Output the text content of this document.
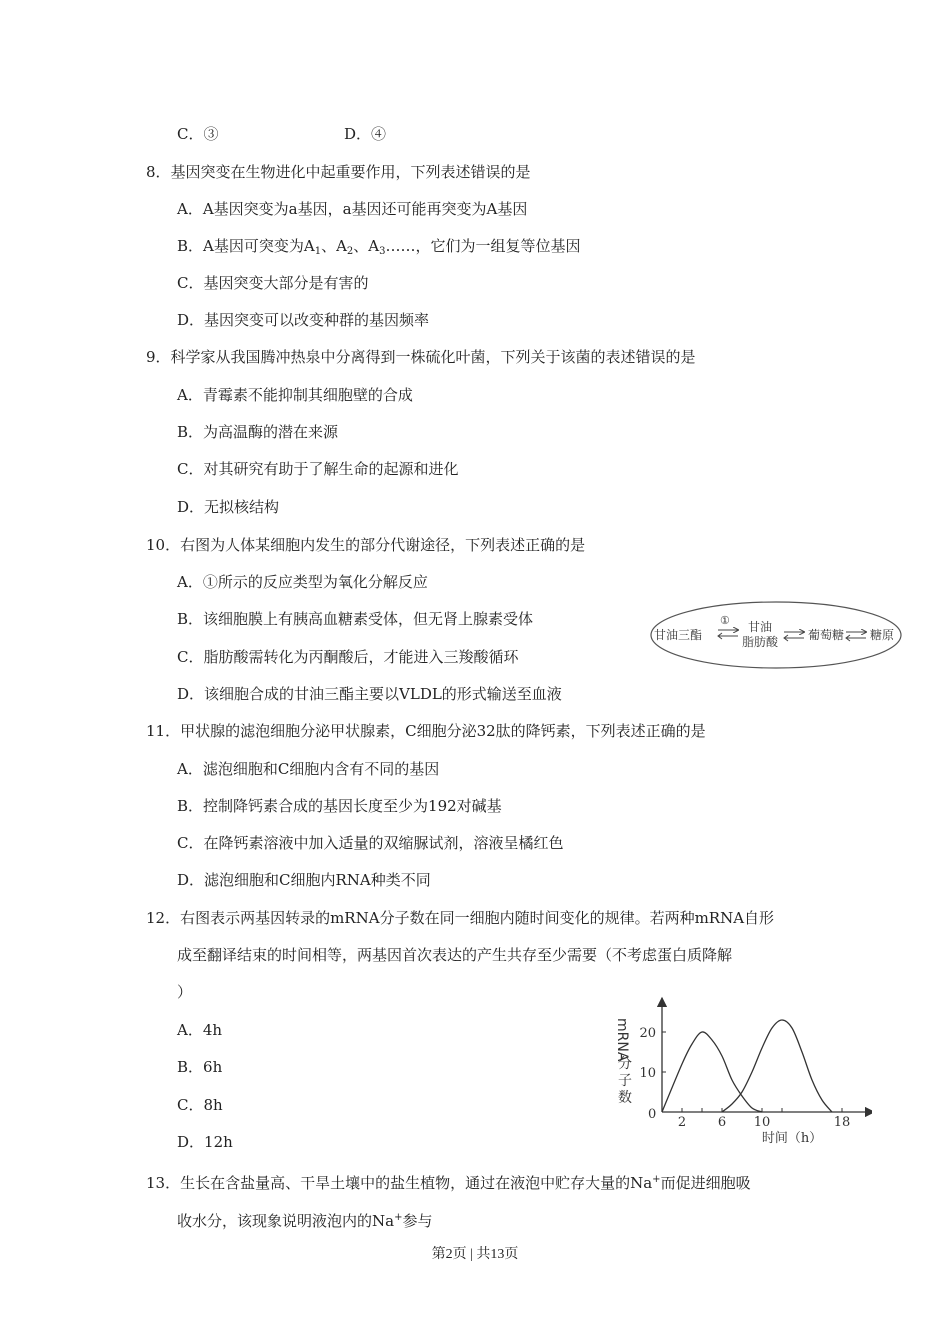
C．③	D．④
8．基因突变在生物进化中起重要作用，下列表述错误的是
A．A基因突变为a基因，a基因还可能再突变为A基因
B．A基因可突变为$A_1$、$A_2$、$A_3\dots\dots$，它们为一组复等位基因
C．基因突变大部分是有害的
D．基因突变可以改变种群的基因频率
9．科学家从我国腾冲热泉中分离得到一株硫化叶菌，下列关于该菌的表述错误的是
A．青霉素不能抑制其细胞壁的合成
B．为高温酶的潜在来源
C．对其研究有助于了解生命的起源和进化
D．无拟核结构
10．右图为人体某细胞内发生的部分代谢途径，下列表述正确的是
A．①所示的反应类型为氧化分解反应
B．该细胞膜上有胰高血糖素受体，但无肾上腺素受体
C．脂肪酸需转化为丙酮酸后，才能进入三羧酸循环
D．该细胞合成的甘油三酯主要以VLDL的形式输送至血液
甘油三酯
① 甘油
脂肪酸 葡萄糖 糖原
11．甲状腺的滤泡细胞分泌甲状腺素，C细胞分泌32肽的降钙素，下列表述正确的是
A．滤泡细胞和C细胞内含有不同的基因
B．控制降钙素合成的基因长度至少为192对碱基
C．在降钙素溶液中加入适量的双缩脲试剂，溶液呈橘红色
D．滤泡细胞和C细胞内RNA种类不同
12．右图表示两基因转录的mRNA分子数在同一细胞内随时间变化的规律。若两种mRNA自形
成至翻译结束的时间相等，两基因首次表达的产生共存至少需要（不考虑蛋白质降解
）
A．4h
B．6h
C．8h
D．12h
mRNA
分
子
数
2 6 10	18
10
20
0
时间（h）
13．生长在含盐量高、干旱土壤中的盐生植物，通过在液泡中贮存大量的Na+而促进细胞吸
收水分，该现象说明液泡内的Na+参与
第2页 | 共13页
